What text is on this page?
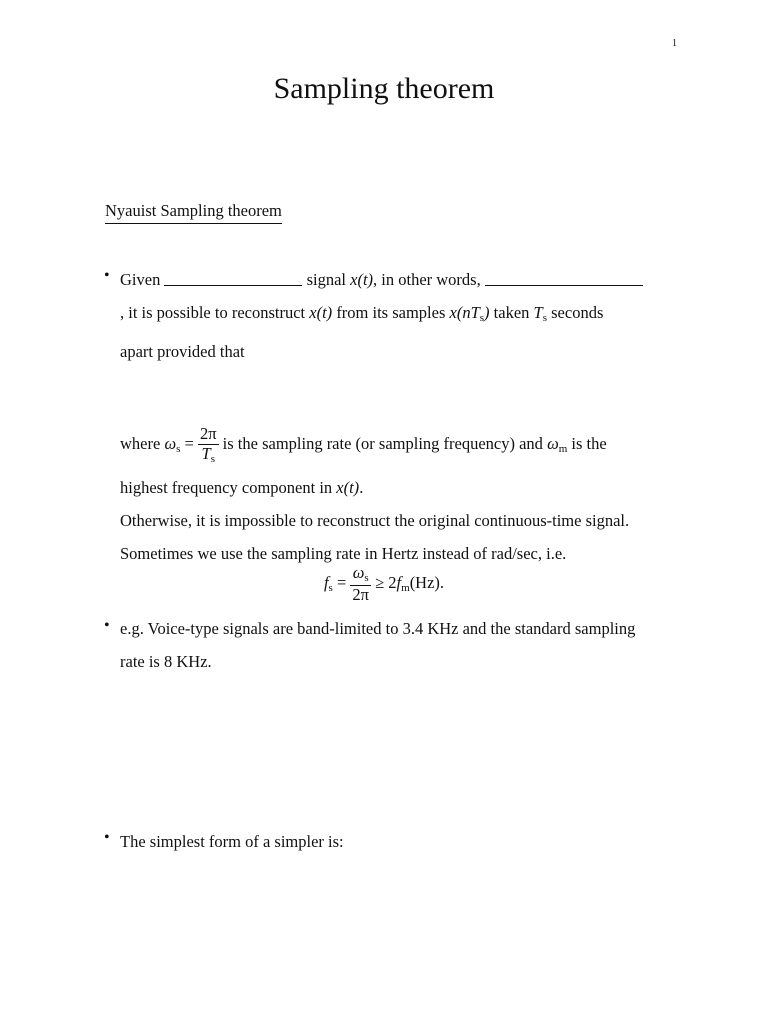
1
Sampling theorem
Nyauist Sampling theorem
• Given	signal x(t), in other words,
, it is possible to reconstruct x(t) from its samples $x(nT_s)$ taken $T_s$ seconds
apart provided that
where $\omega_s = \frac{2\pi}{T_s}$ is the sampling rate (or sampling frequency) and $\omega_m$ is the
highest frequency component in x(t).
Otherwise, it is impossible to reconstruct the original continuous-time signal.
Sometimes we use the sampling rate in Hertz instead of rad/sec, i.e.
$f_s = \frac{\omega_s}{2\pi} \ge 2f_m(Hz)$.
• e.g. Voice-type signals are band-limited to 3.4 KHz and the standard sampling
rate is 8 KHz.
• The simplest form of a simpler is:
